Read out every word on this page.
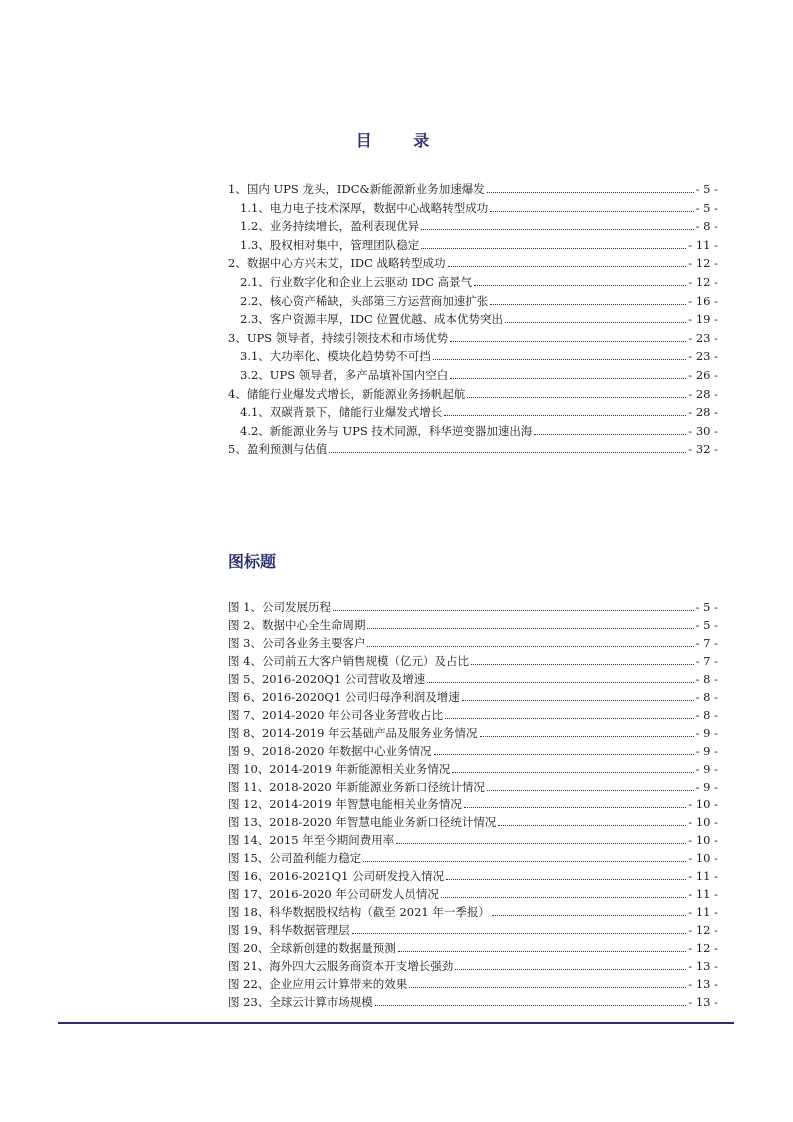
目 录
1、国内 UPS 龙头，IDC&新能源新业务加速爆发	- 5 -
1.1、电力电子技术深厚，数据中心战略转型成功	- 5 -
1.2、业务持续增长，盈利表现优异	- 8 -
1.3、股权相对集中，管理团队稳定	- 11 -
2、数据中心方兴未艾，IDC 战略转型成功	- 12 -
2.1、行业数字化和企业上云驱动 IDC 高景气	- 12 -
2.2、核心资产稀缺，头部第三方运营商加速扩张	- 16 -
2.3、客户资源丰厚，IDC 位置优越、成本优势突出	- 19 -
3、UPS 领导者，持续引领技术和市场优势	- 23 -
3.1、大功率化、模块化趋势势不可挡	- 23 -
3.2、UPS 领导者，多产品填补国内空白	- 26 -
4、储能行业爆发式增长，新能源业务扬帆起航	- 28 -
4.1、双碳背景下，储能行业爆发式增长	- 28 -
4.2、新能源业务与 UPS 技术同源，科华逆变器加速出海	- 30 -
5、盈利预测与估值	- 32 -
图标题
图 1、公司发展历程	- 5 -
图 2、数据中心全生命周期	- 5 -
图 3、公司各业务主要客户	- 7 -
图 4、公司前五大客户销售规模（亿元）及占比	- 7 -
图 5、2016-2020Q1 公司营收及增速	- 8 -
图 6、2016-2020Q1 公司归母净利润及增速	- 8 -
图 7、2014-2020 年公司各业务营收占比	- 8 -
图 8、2014-2019 年云基础产品及服务业务情况	- 9 -
图 9、2018-2020 年数据中心业务情况	- 9 -
图 10、2014-2019 年新能源相关业务情况	- 9 -
图 11、2018-2020 年新能源业务新口径统计情况	- 9 -
图 12、2014-2019 年智慧电能相关业务情况	- 10 -
图 13、2018-2020 年智慧电能业务新口径统计情况	- 10 -
图 14、2015 年至今期间费用率	- 10 -
图 15、公司盈利能力稳定	- 10 -
图 16、2016-2021Q1 公司研发投入情况	- 11 -
图 17、2016-2020 年公司研发人员情况	- 11 -
图 18、科华数据股权结构（截至 2021 年一季报）	- 11 -
图 19、科华数据管理层	- 12 -
图 20、全球新创建的数据量预测	- 12 -
图 21、海外四大云服务商资本开支增长强劲	- 13 -
图 22、企业应用云计算带来的效果	- 13 -
图 23、全球云计算市场规模	- 13 -
